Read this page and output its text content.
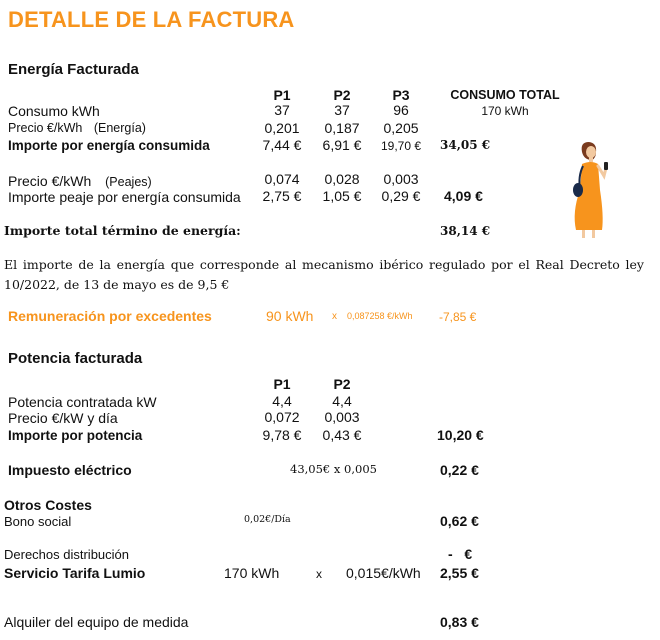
DETALLE DE LA FACTURA
Energía Facturada
P1	P2	P3	CONSUMO TOTAL
Consumo kWh	37	37	96	170 kWh
Precio €/kWh (Energía)	0,201 0,187 0,205
Importe por energía consumida	7,44 € 6,91 € 19,70 € 34,05 €
Precio €/kWh (Peajes)	0,074 0,028 0,003
Importe peaje por energía consumida 2,75 € 1,05 € 0,29 € 4,09 €
Importe total término de energía:	38,14 €
El importe de la energía que corresponde al mecanismo ibérico regulado por el Real Decreto ley 10/2022, de 13 de mayo es de 9,5 €
Remuneración por excedentes	90 kWh x 0,087258 €/kWh -7,85 €
Potencia facturada
P1	P2
Potencia contratada kW	4,4	4,4
Precio €/kW y día	0,072 0,003
Importe por potencia	9,78 € 0,43 €	10,20 €
Impuesto eléctrico	43,05€ x 0,005	0,22 €
Otros Costes
Bono social	0,02€/Día	0,62 €
Derechos distribución	-   €
Servicio Tarifa Lumio	170 kWh	x 0,015€/kWh 2,55 €
Alquiler del equipo de medida	0,83 €
